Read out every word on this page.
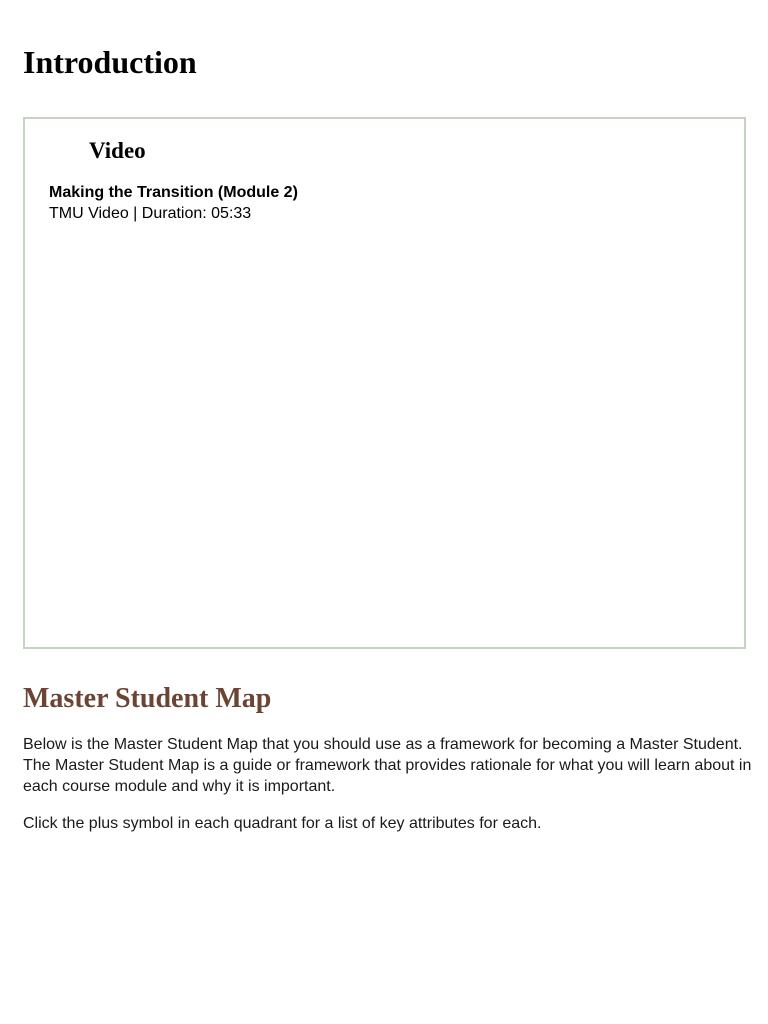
Introduction
Video
Making the Transition (Module 2)
TMU Video | Duration: 05:33
Master Student Map

Below is the Master Student Map that you should use as a framework for becoming a Master Student. The Master Student Map is a guide or framework that provides rationale for what you will learn about in each course module and why it is important.

Click the plus symbol in each quadrant for a list of key attributes for each.
